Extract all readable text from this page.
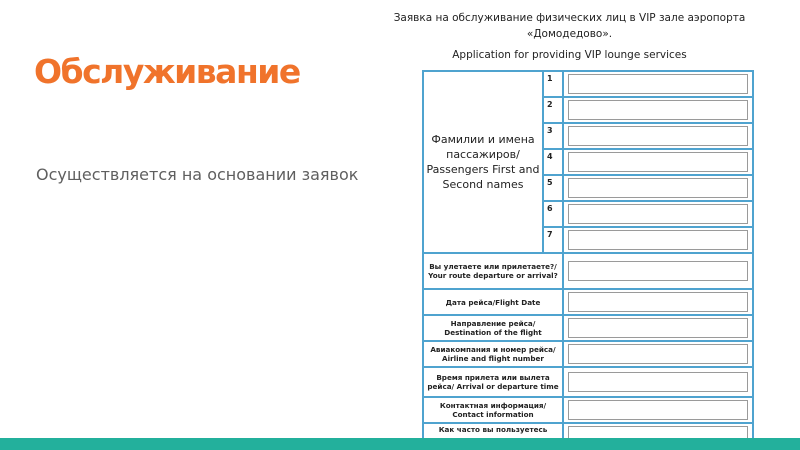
Обслуживание
Осуществляется на основании заявок
Заявка на обслуживание физических лиц в VIP зале аэропорта «Домодедово».
Application for providing VIP lounge services
Фамилии и имена пассажиров/ Passengers First and Second names	1	

	2	

	3	

	4	

	5	

	6	

	7	

Вы улетаете или прилетаете?/ Your route departure or arrival?		

Дата рейса/Flight Date		

Направление рейса/ Destination of the flight		

Авиакомпания и номер рейса/ Airline and flight number		

Время прилета или вылета рейса/ Arrival or departure time		

Контактная информация/ Contact information		

Как часто вы пользуетесь		
